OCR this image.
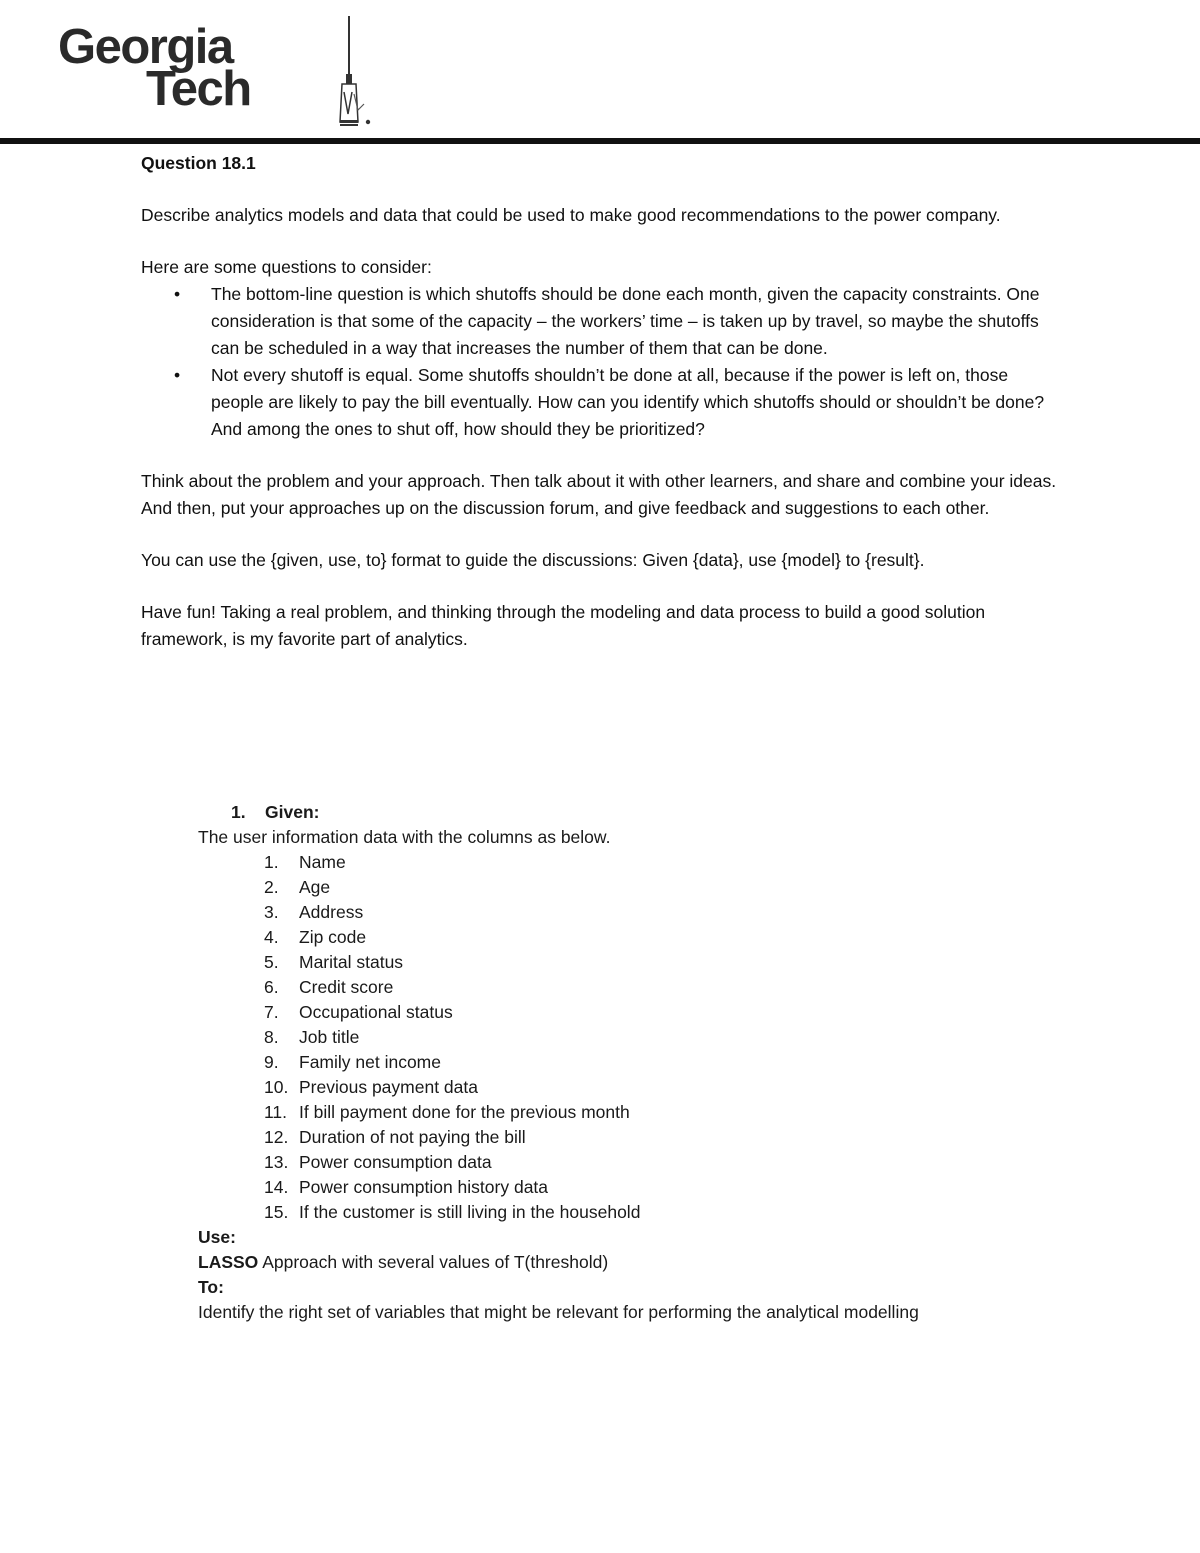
Georgia
Tech

Question 18.1

Describe analytics models and data that could be used to make good recommendations to the power company.

Here are some questions to consider:

• The bottom-line question is which shutoffs should be done each month, given the capacity constraints. One consideration is that some of the capacity – the workers’ time – is taken up by travel, so maybe the shutoffs can be scheduled in a way that increases the number of them that can be done.
• Not every shutoff is equal. Some shutoffs shouldn’t be done at all, because if the power is left on, those people are likely to pay the bill eventually. How can you identify which shutoffs should or shouldn’t be done? And among the ones to shut off, how should they be prioritized?

Think about the problem and your approach. Then talk about it with other learners, and share and combine your ideas. And then, put your approaches up on the discussion forum, and give feedback and suggestions to each other.

You can use the {given, use, to} format to guide the discussions: Given {data}, use {model} to {result}.

Have fun! Taking a real problem, and thinking through the modeling and data process to build a good solution framework, is my favorite part of analytics.

1. Given:

The user information data with the columns as below.

1.	Name
2.	Age
3.	Address
4.	Zip code
5.	Marital status
6.	Credit score
7.	Occupational status
8.	Job title
9.	Family net income
10. Previous payment data
11. If bill payment done for the previous month
12. Duration of not paying the bill
13. Power consumption data
14. Power consumption history data
15. If the customer is still living in the household

Use:

LASSO Approach with several values of T(threshold)

To:

Identify the right set of variables that might be relevant for performing the analytical modelling
